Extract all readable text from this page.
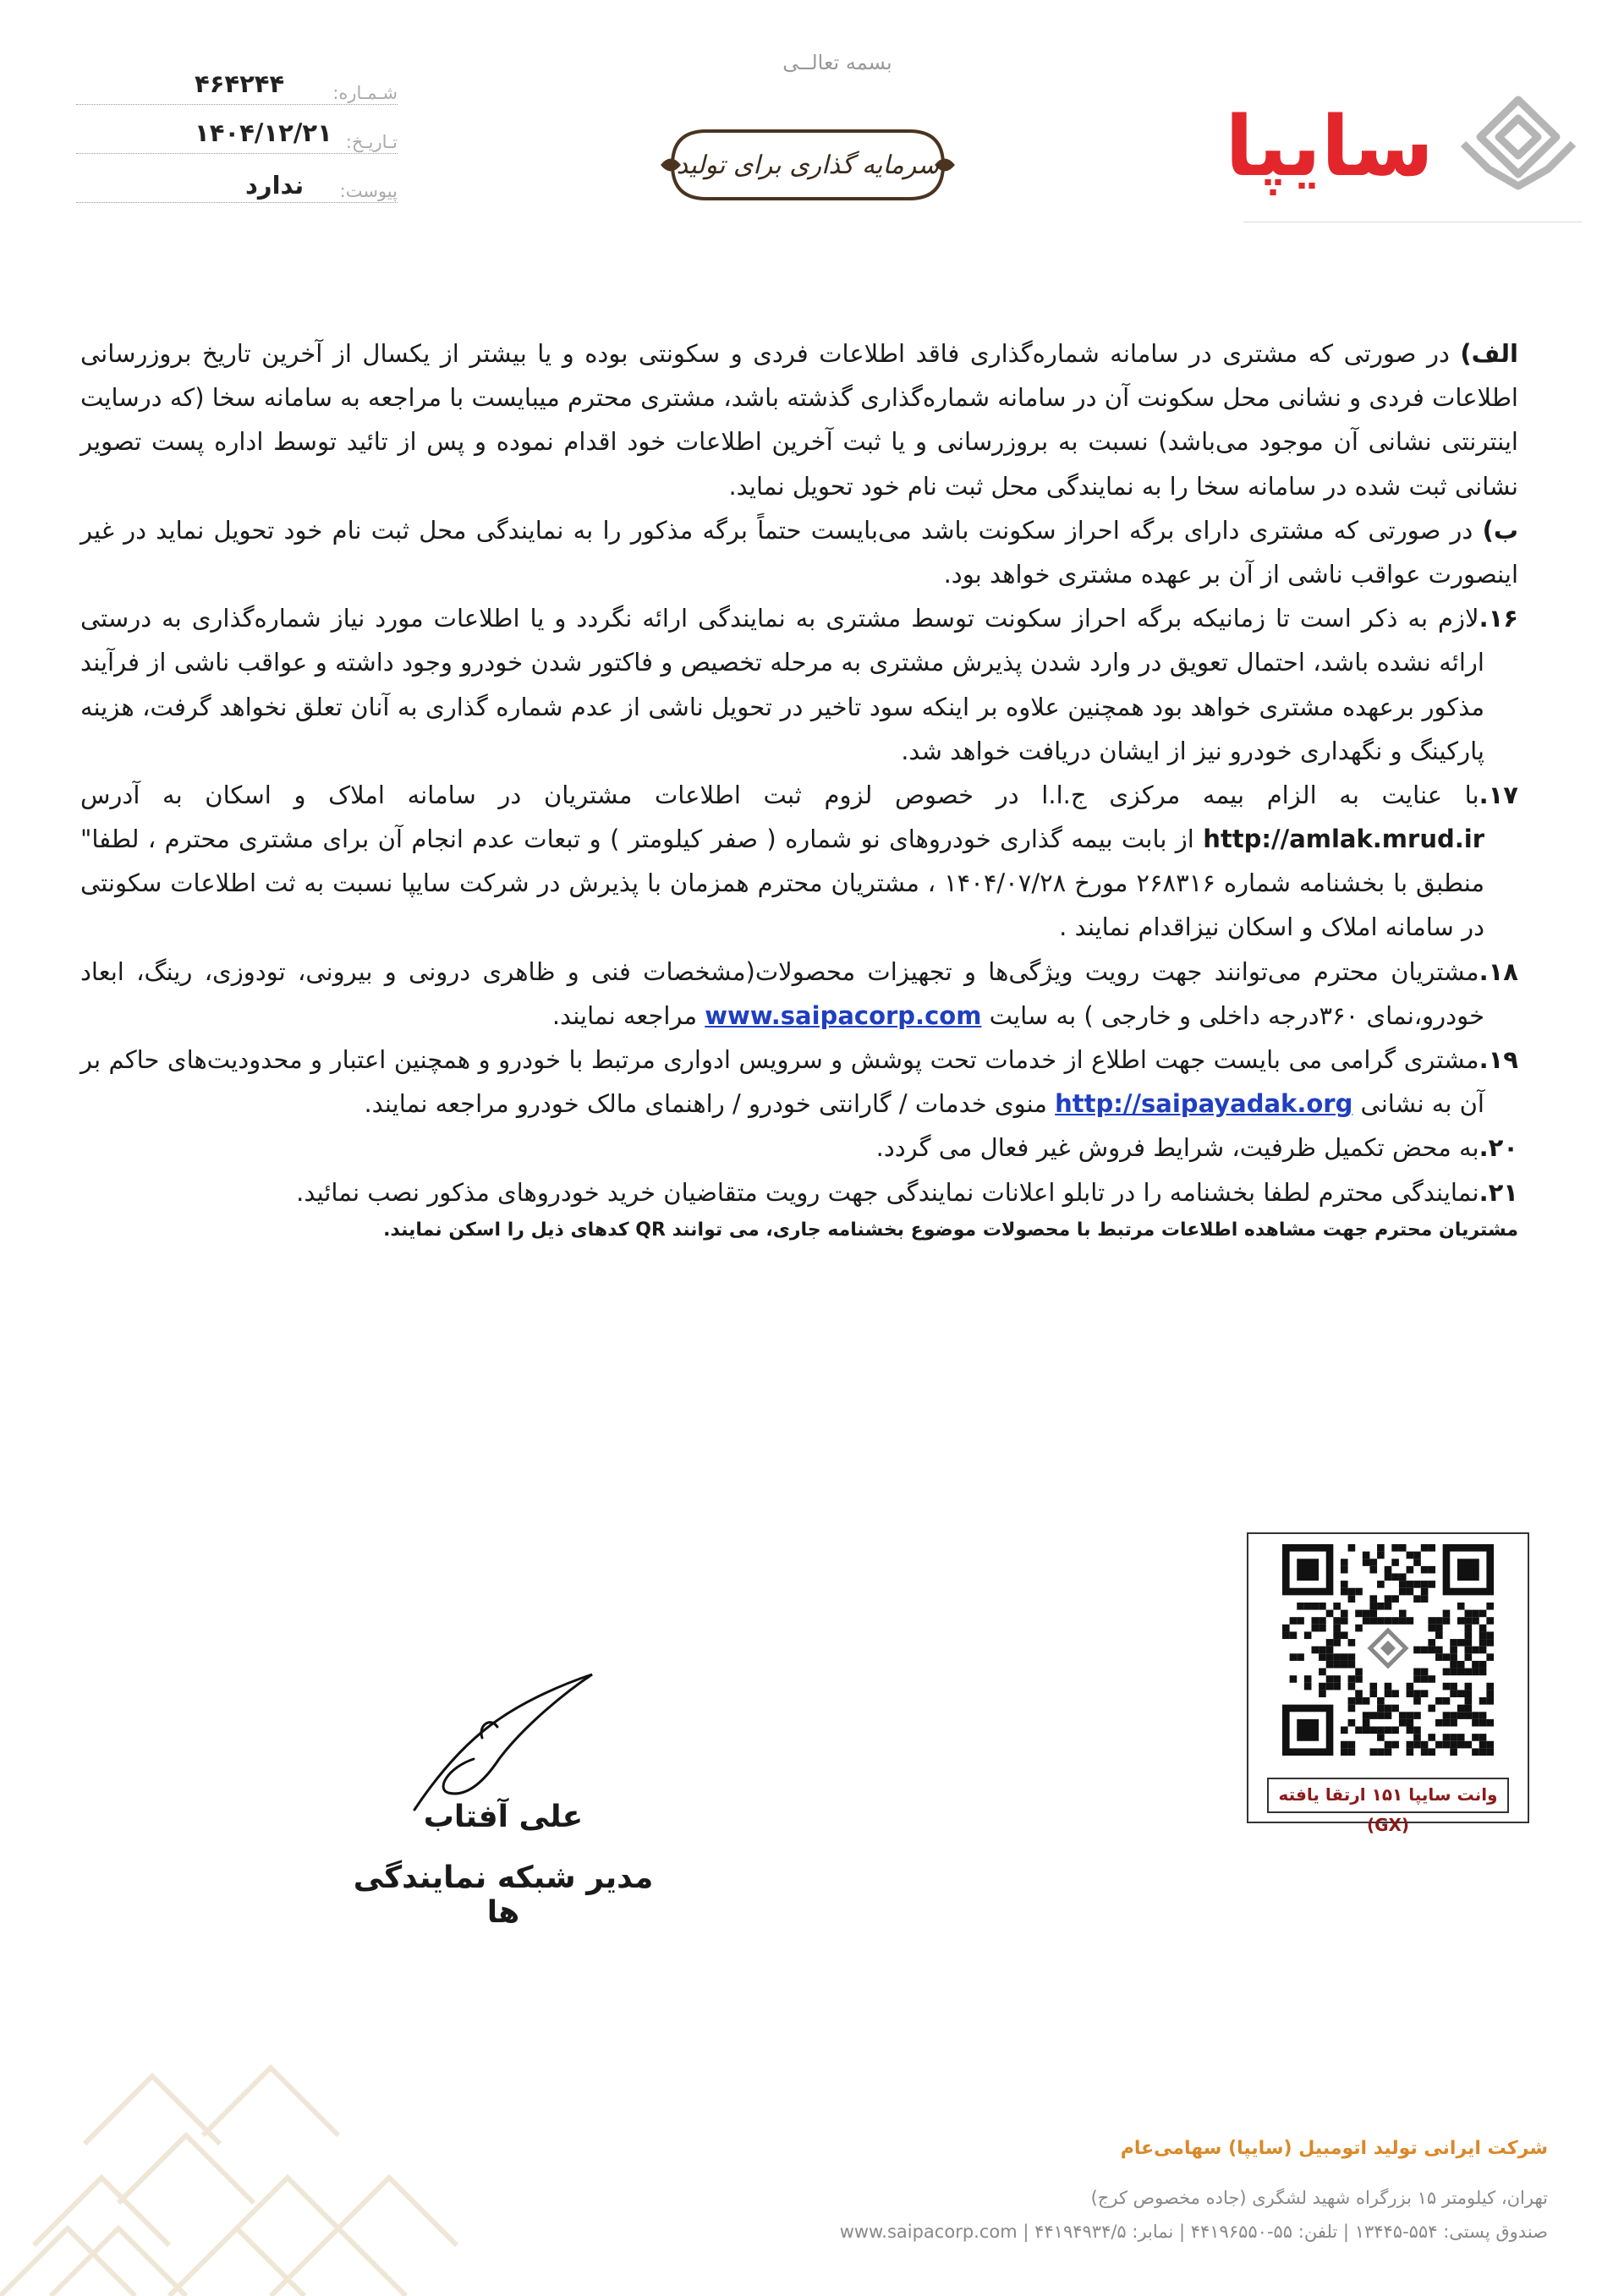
سایپا
بسمه تعالــی
سرمایه گذاری برای تولید
شـمـاره:
۴۶۴۲۴۴
تـاریـخ:
۱۴۰۴/۱۲/۲۱
پیوست:
ندارد

الف) در صورتی که مشتری در سامانه شماره‌گذاری فاقد اطلاعات فردی و سکونتی بوده و یا بیشتر از یکسال از آخرین تاریخ بروزرسانی اطلاعات فردی و نشانی محل سکونت آن در سامانه شماره‌گذاری گذشته باشد، مشتری محترم میبایست با مراجعه به سامانه سخا (که درسایت اینترنتی نشانی آن موجود می‌باشد) نسبت به بروزرسانی و یا ثبت آخرین اطلاعات خود اقدام نموده و پس از تائید توسط اداره پست تصویر نشانی ثبت شده در سامانه سخا را به نمایندگی محل ثبت نام خود تحویل نماید.

ب) در صورتی که مشتری دارای برگه احراز سکونت باشد می‌بایست حتماً برگه مذکور را به نمایندگی محل ثبت نام خود تحویل نماید در غیر اینصورت عواقب ناشی از آن بر عهده مشتری خواهد بود.

۱۶.لازم به ذکر است تا زمانیکه برگه احراز سکونت توسط مشتری به نمایندگی ارائه نگردد و یا اطلاعات مورد نیاز شماره‌گذاری به درستی ارائه نشده باشد، احتمال تعویق در وارد شدن پذیرش مشتری به مرحله تخصیص و فاکتور شدن خودرو وجود داشته و عواقب ناشی از فرآیند مذکور برعهده مشتری خواهد بود همچنین علاوه بر اینکه سود تاخیر در تحویل ناشی از عدم شماره گذاری به آنان تعلق نخواهد گرفت، هزینه پارکینگ و نگهداری خودرو نیز از ایشان دریافت خواهد شد.

۱۷.با عنایت به الزام بیمه مرکزی ج.ا.ا در خصوص لزوم ثبت اطلاعات مشتریان در سامانه املاک و اسکان به آدرس http://amlak.mrud.ir از بابت بیمه گذاری خودروهای نو شماره ( صفر کیلومتر ) و تبعات عدم انجام آن برای مشتری محترم ، لطفا" منطبق با بخشنامه شماره ۲۶۸۳۱۶ مورخ ۱۴۰۴/۰۷/۲۸ ، مشتریان محترم همزمان با پذیرش در شرکت سایپا نسبت به ثت اطلاعات سکونتی در سامانه املاک و اسکان نیزاقدام نمایند .

۱۸.مشتریان محترم می‌توانند جهت رویت ویژگی‌ها و تجهیزات محصولات(مشخصات فنی و ظاهری درونی و بیرونی، تودوزی، رینگ، ابعاد خودرو،نمای ۳۶۰درجه داخلی و خارجی ) به سایت www.saipacorp.com مراجعه نمایند.

۱۹.مشتری گرامی می بایست جهت اطلاع از خدمات تحت پوشش و سرویس ادواری مرتبط با خودرو و همچنین اعتبار و محدودیت‌های حاکم بر آن به نشانی http://saipayadak.org منوی خدمات / گارانتی خودرو / راهنمای مالک خودرو مراجعه نمایند.

۲۰.به محض تکمیل ظرفیت، شرایط فروش غیر فعال می گردد.

۲۱.نمایندگی محترم لطفا بخشنامه را در تابلو اعلانات نمایندگی جهت رویت متقاضیان خرید خودروهای مذکور نصب نمائید.

مشتریان محترم جهت مشاهده اطلاعات مرتبط با محصولات موضوع بخشنامه جاری، می توانند QR کدهای ذیل را اسکن نمایند.

وانت سایپا ۱۵۱ ارتقا یافته (GX)
علی آفتاب
مدیر شبکه نمایندگی ها
شرکت ایرانی تولید اتومبیل (سایپا) سهامی‌عام
تهران، کیلومتر ۱۵ بزرگراه شهید لشگری (جاده مخصوص کرج)
صندوق پستی: ۵۵۴-۱۳۴۴۵ | تلفن: ۵۵-۴۴۱۹۶۵۵۰ | نمابر: ۴۴۱۹۴۹۳۴/۵ | www.saipacorp.com
